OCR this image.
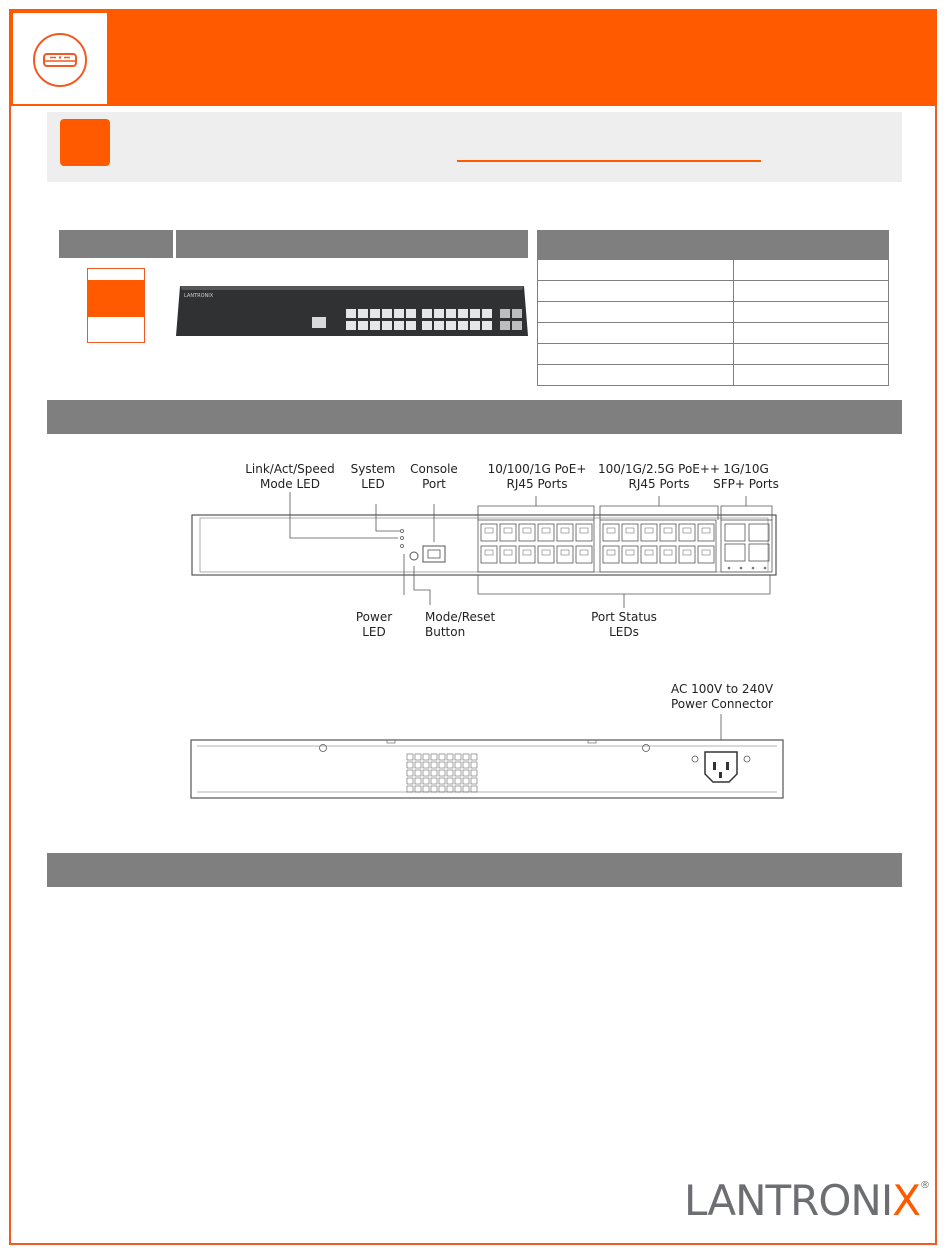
LANTRONIX
Link/Act/Speed
Mode LED
System
LED
Console
Port
10/100/1G PoE+
RJ45 Ports
100/1G/2.5G PoE++
RJ45 Ports
1G/10G
SFP+ Ports
Power
LED
Mode/Reset
Button
Port Status
LEDs
AC 100V to 240V
Power Connector
LANTRONIX®
